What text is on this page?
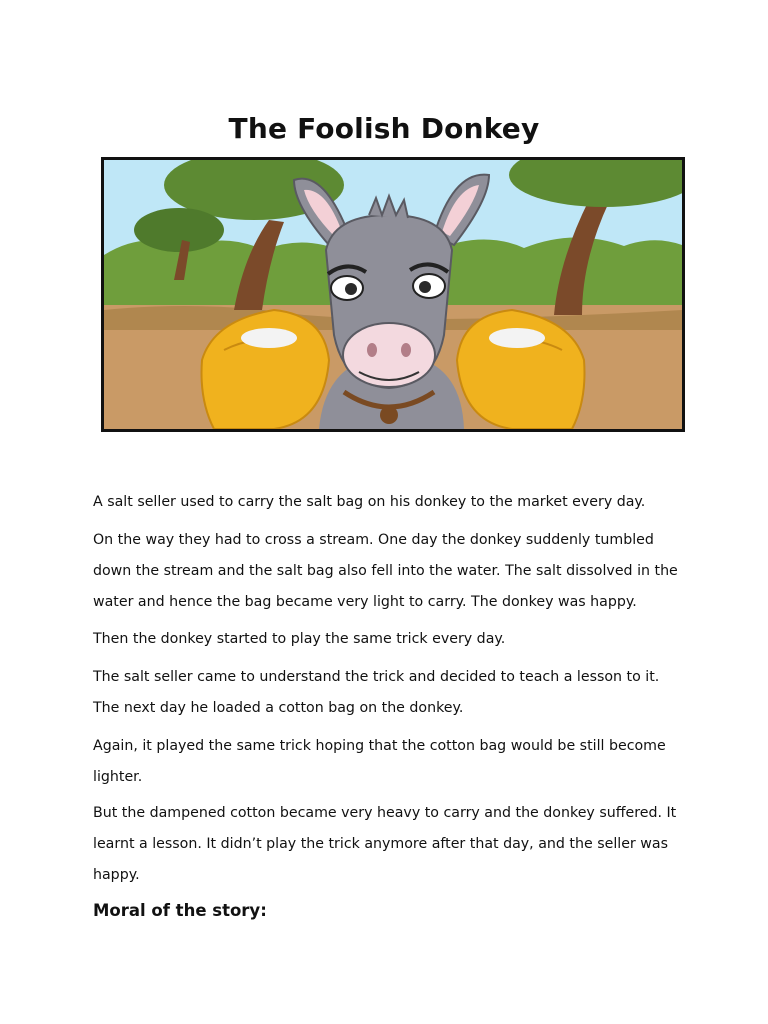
The Foolish Donkey

A salt seller used to carry the salt bag on his donkey to the market every day.

On the way they had to cross a stream. One day the donkey suddenly tumbled down the stream and the salt bag also fell into the water. The salt dissolved in the water and hence the bag became very light to carry. The donkey was happy.

Then the donkey started to play the same trick every day.

The salt seller came to understand the trick and decided to teach a lesson to it. The next day he loaded a cotton bag on the donkey.

Again, it played the same trick hoping that the cotton bag would be still become lighter.

But the dampened cotton became very heavy to carry and the donkey suffered. It learnt a lesson. It didn’t play the trick anymore after that day, and the seller was happy.

Moral of the story:
